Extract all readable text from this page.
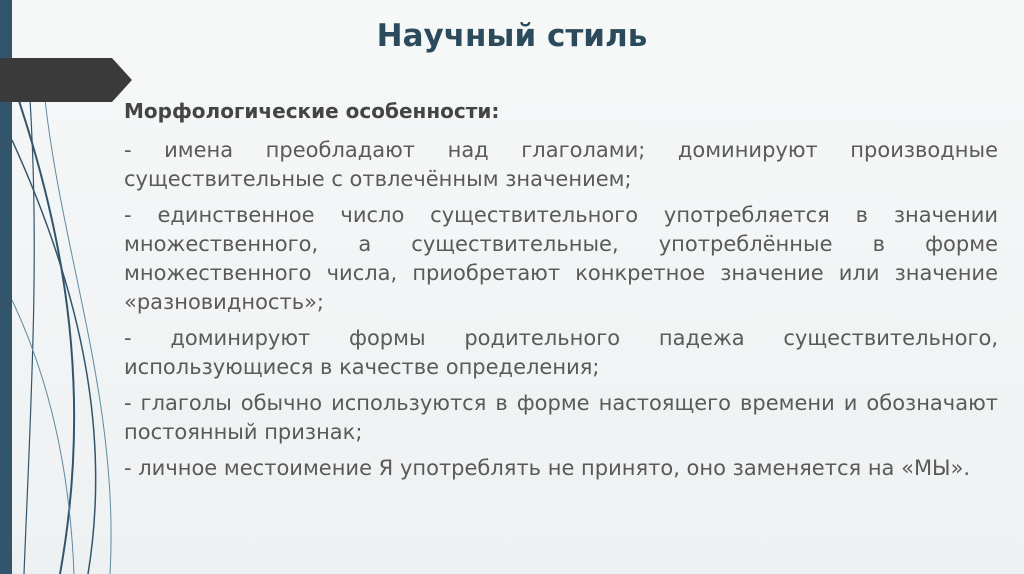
Научный стиль

Морфологические особенности:

- имена преобладают над глаголами; доминируют производные существительные с отвлечённым значением;

- единственное число существительного употребляется в значении множественного, а существительные, употреблённые в форме множественного числа, приобретают конкретное значение или значение «разновидность»;

- доминируют формы родительного падежа существительного, использующиеся в качестве определения;

- глаголы обычно используются в форме настоящего времени и обозначают постоянный признак;

- личное местоимение Я употреблять не принято, оно заменяется на «МЫ».
